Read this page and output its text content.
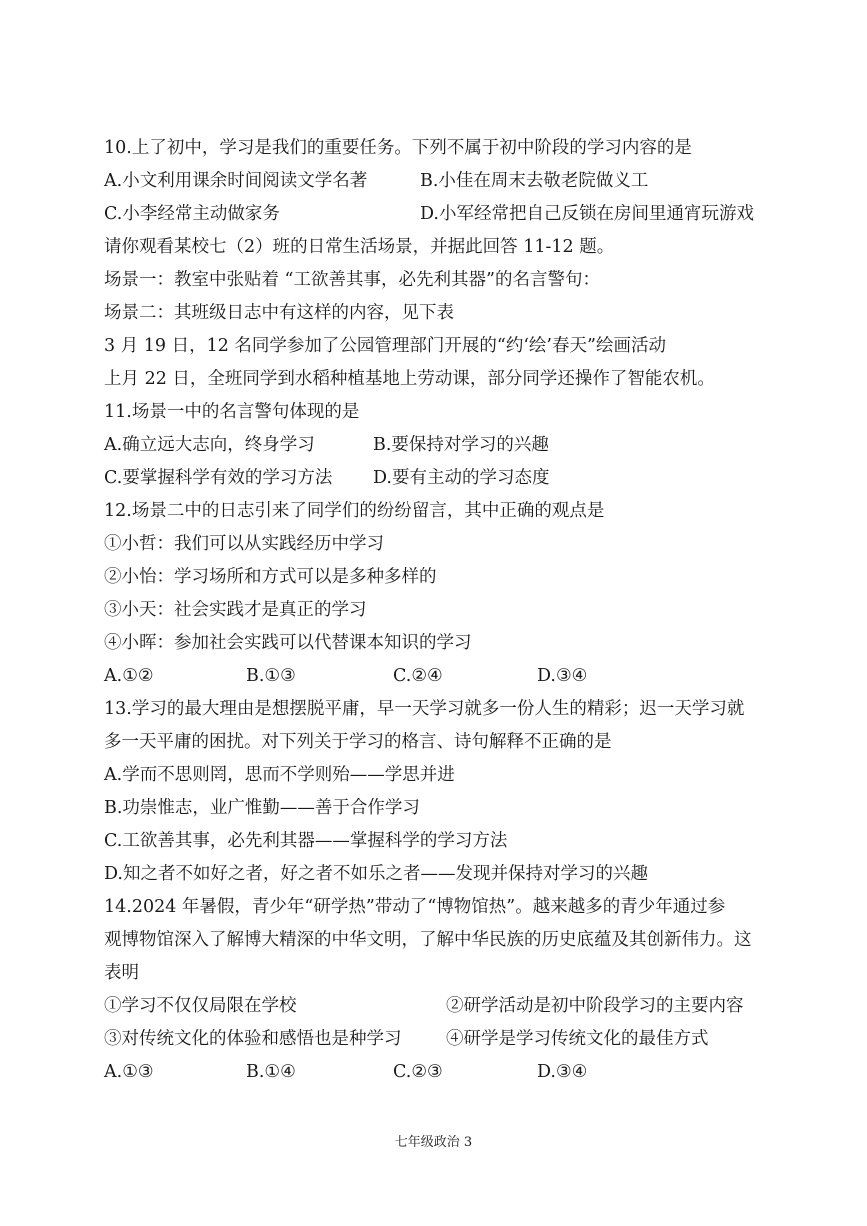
10.上了初中，学习是我们的重要任务。下列不属于初中阶段的学习内容的是
A.小文利用课余时间阅读文学名著	B.小佳在周末去敬老院做义工
C.小李经常主动做家务	D.小军经常把自己反锁在房间里通宵玩游戏
请你观看某校七（2）班的日常生活场景，并据此回答 11-12 题。
场景一：教室中张贴着 “工欲善其事，必先利其器”的名言警句：
场景二：其班级日志中有这样的内容，见下表
3 月 19 日，12 名同学参加了公园管理部门开展的“约‘绘’春天”绘画活动
上月 22 日，全班同学到水稻种植基地上劳动课，部分同学还操作了智能农机。
11.场景一中的名言警句体现的是
A.确立远大志向，终身学习	B.要保持对学习的兴趣
C.要掌握科学有效的学习方法 D.要有主动的学习态度
12.场景二中的日志引来了同学们的纷纷留言，其中正确的观点是
①小哲：我们可以从实践经历中学习
②小怡：学习场所和方式可以是多种多样的
③小天：社会实践才是真正的学习
④小晖：参加社会实践可以代替课本知识的学习
A.①②	B.①③	C.②④	D.③④
13.学习的最大理由是想摆脱平庸，早一天学习就多一份人生的精彩；迟一天学习就
多一天平庸的困扰。对下列关于学习的格言、诗句解释不正确的是
A.学而不思则罔，思而不学则殆——学思并进
B.功崇惟志，业广惟勤——善于合作学习
C.工欲善其事，必先利其器——掌握科学的学习方法
D.知之者不如好之者，好之者不如乐之者——发现并保持对学习的兴趣
14.2024 年暑假，青少年“研学热”带动了“博物馆热”。越来越多的青少年通过参
观博物馆深入了解博大精深的中华文明，了解中华民族的历史底蕴及其创新伟力。这
表明
①学习不仅仅局限在学校	②研学活动是初中阶段学习的主要内容
③对传统文化的体验和感悟也是种学习	④研学是学习传统文化的最佳方式
A.①③	B.①④	C.②③	D.③④
七年级政治 3
